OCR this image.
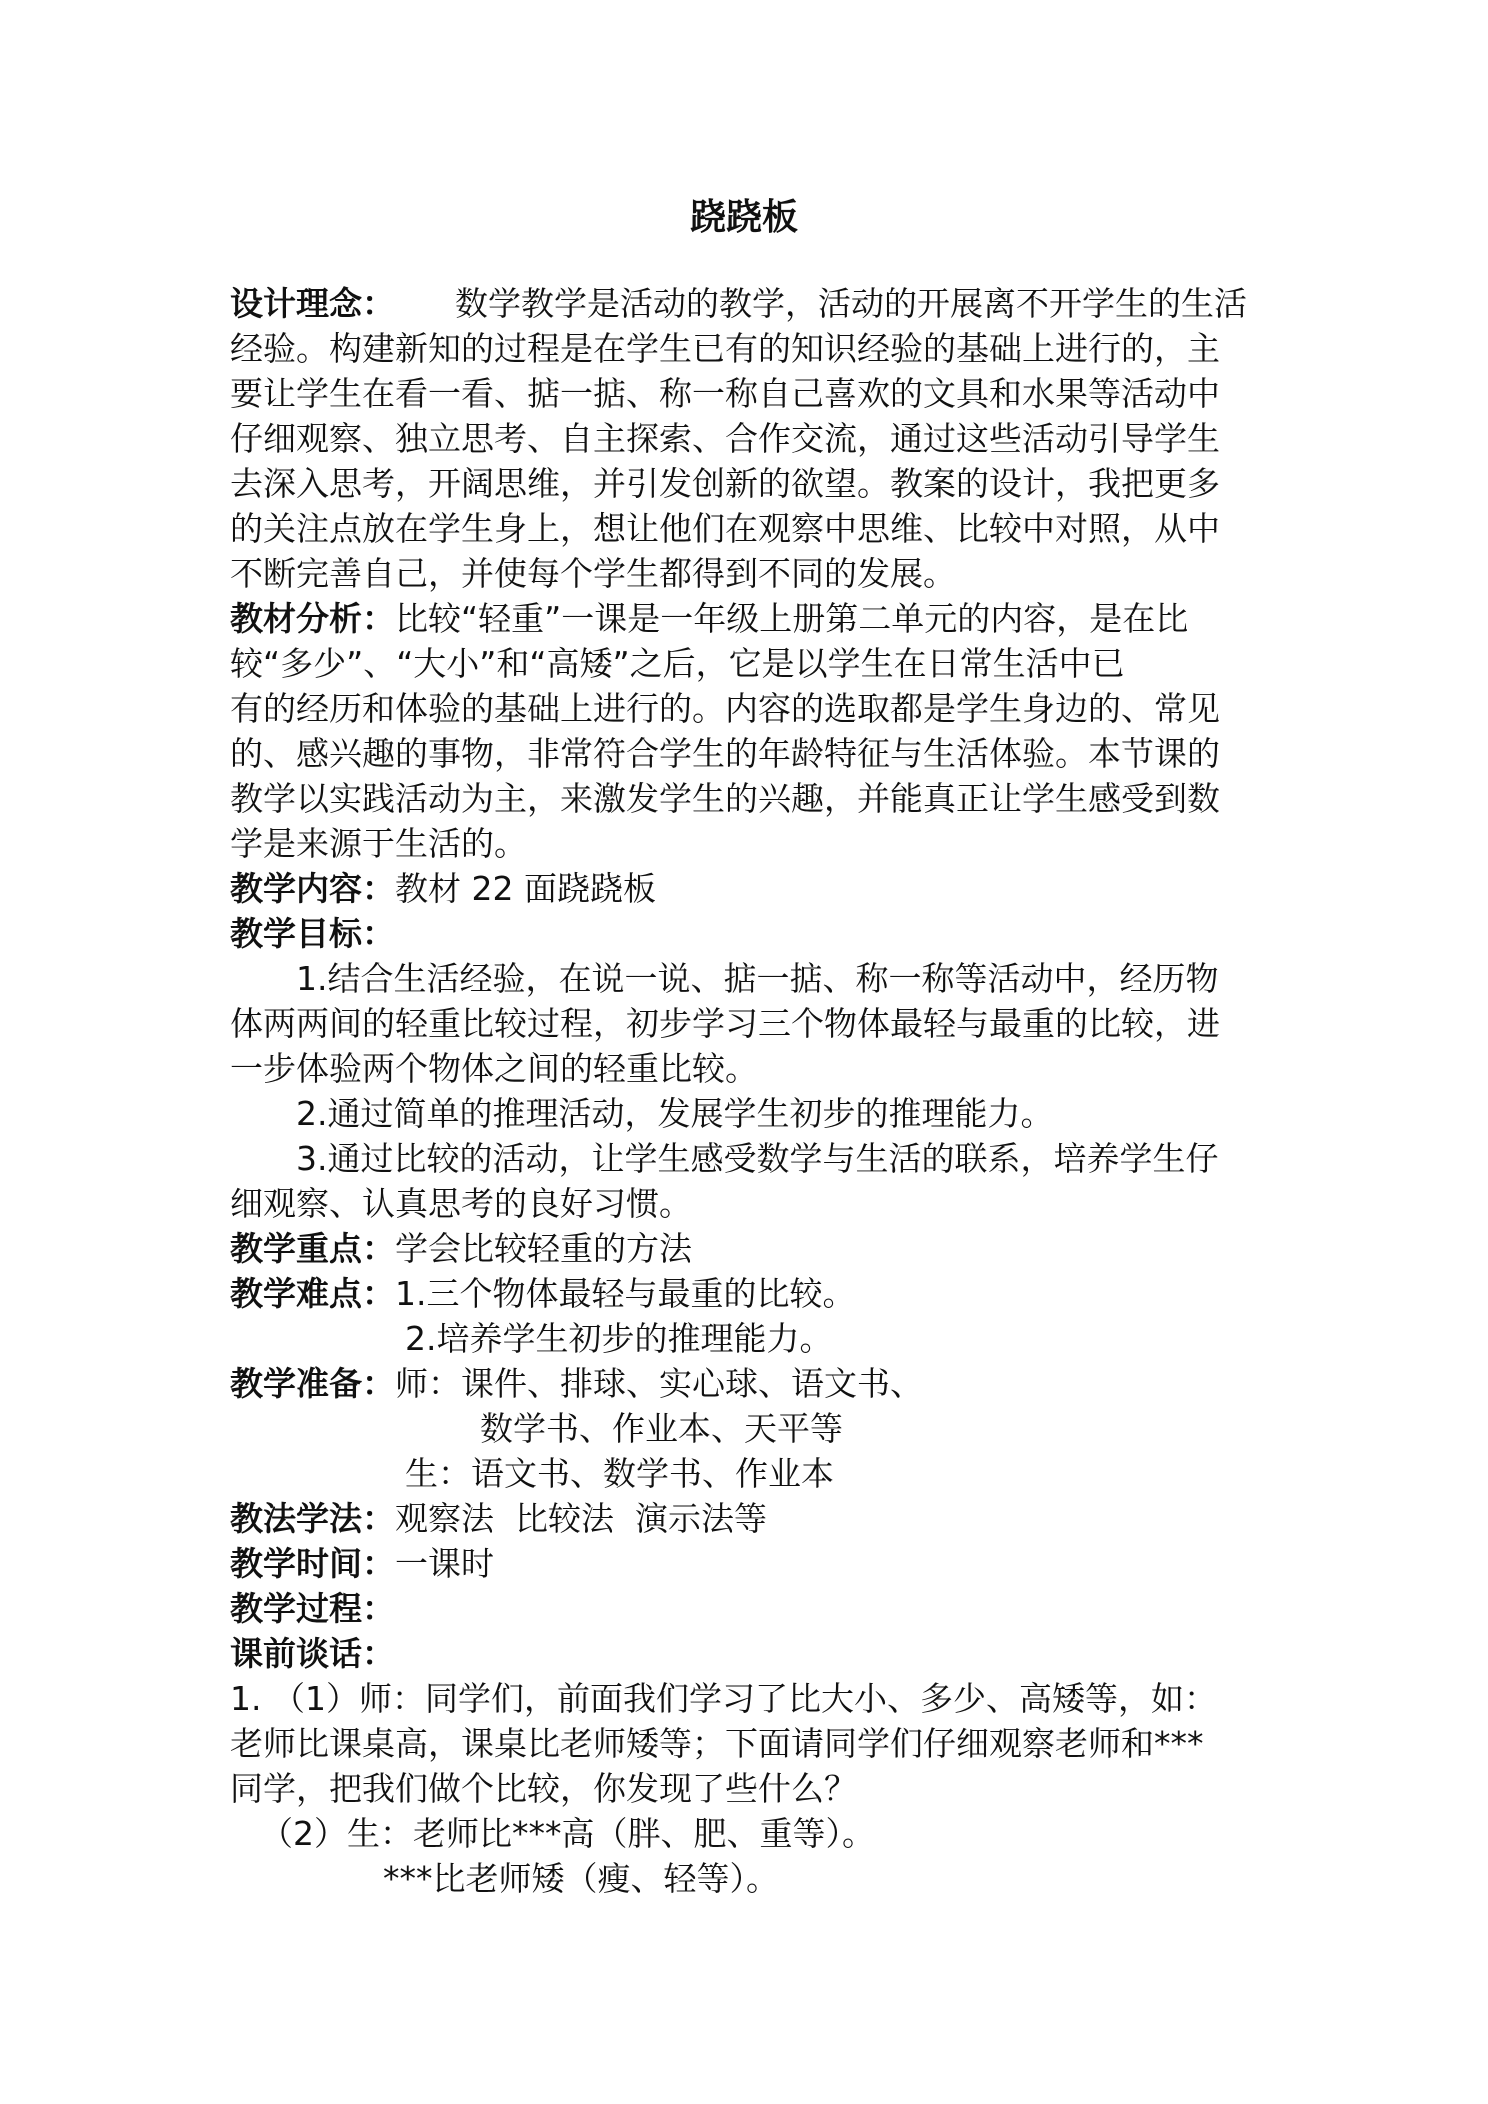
跷跷板
设计理念： 数学教学是活动的教学，活动的开展离不开学生的生活
经验。构建新知的过程是在学生已有的知识经验的基础上进行的，主
要让学生在看一看、掂一掂、称一称自己喜欢的文具和水果等活动中
仔细观察、独立思考、自主探索、合作交流，通过这些活动引导学生
去深入思考，开阔思维，并引发创新的欲望。教案的设计，我把更多
的关注点放在学生身上，想让他们在观察中思维、比较中对照，从中
不断完善自己，并使每个学生都得到不同的发展。
教材分析：比较“轻重”一课是一年级上册第二单元的内容，是在比
较“多少”、“大小”和“高矮”之后，它是以学生在日常生活中已
有的经历和体验的基础上进行的。内容的选取都是学生身边的、常见
的、感兴趣的事物，非常符合学生的年龄特征与生活体验。本节课的
教学以实践活动为主，来激发学生的兴趣，并能真正让学生感受到数
学是来源于生活的。
教学内容：教材 22 面跷跷板
教学目标：
1.结合生活经验，在说一说、掂一掂、称一称等活动中，经历物
体两两间的轻重比较过程，初步学习三个物体最轻与最重的比较，进
一步体验两个物体之间的轻重比较。
2.通过简单的推理活动，发展学生初步的推理能力。
3.通过比较的活动，让学生感受数学与生活的联系，培养学生仔
细观察、认真思考的良好习惯。
教学重点：学会比较轻重的方法
教学难点：1.三个物体最轻与最重的比较。
2.培养学生初步的推理能力。
教学准备：师：课件、排球、实心球、语文书、
数学书、作业本、天平等
生：语文书、数学书、作业本
教法学法：观察法  比较法  演示法等
教学时间：一课时
教学过程：
课前谈话：
1. （1）师：同学们，前面我们学习了比大小、多少、高矮等，如：
老师比课桌高，课桌比老师矮等；下面请同学们仔细观察老师和***
同学，把我们做个比较，你发现了些什么？
（2）生：老师比***高（胖、肥、重等）。
***比老师矮（瘦、轻等）。
